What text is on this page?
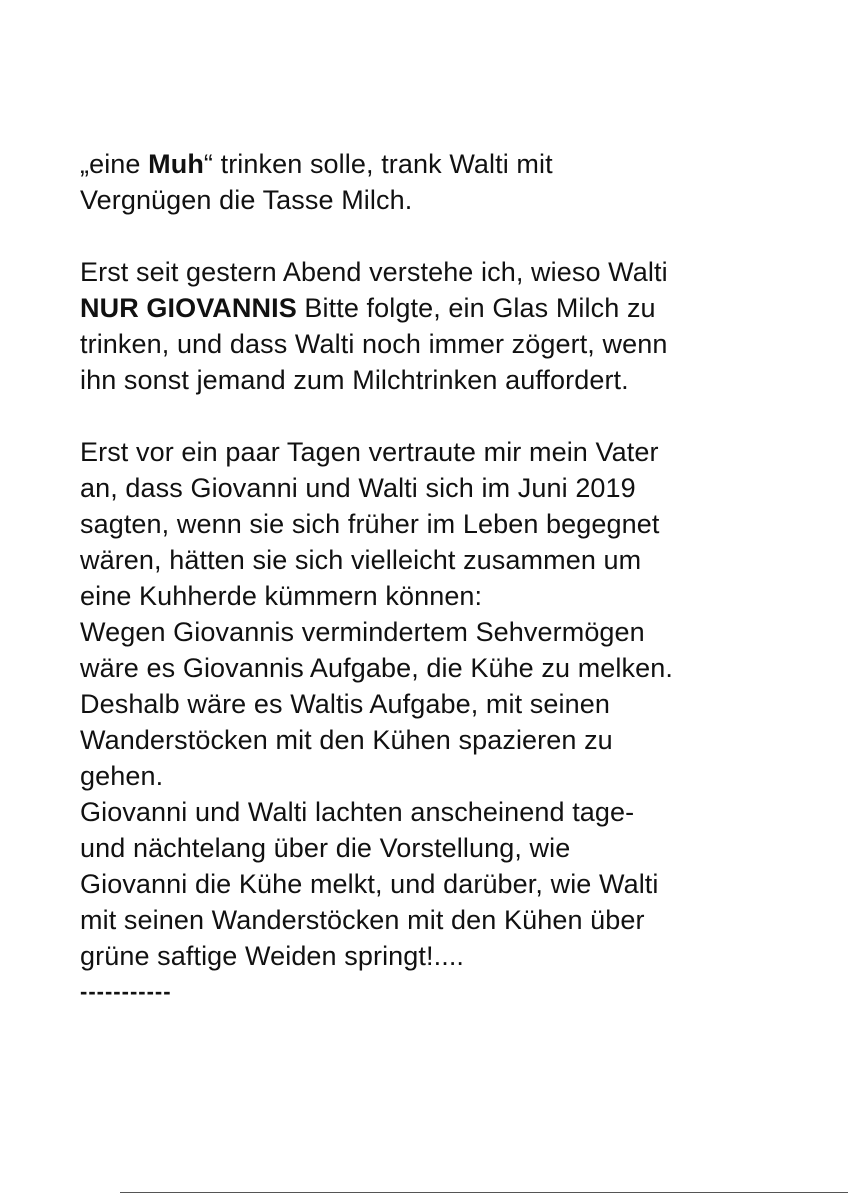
„eine Muh“ trinken solle, trank Walti mit
Vergnügen die Tasse Milch.

Erst seit gestern Abend verstehe ich, wieso Walti
NUR GIOVANNIS Bitte folgte, ein Glas Milch zu
trinken, und dass Walti noch immer zögert, wenn
ihn sonst jemand zum Milchtrinken auffordert.

Erst vor ein paar Tagen vertraute mir mein Vater
an, dass Giovanni und Walti sich im Juni 2019
sagten, wenn sie sich früher im Leben begegnet
wären, hätten sie sich vielleicht zusammen um
eine Kuhherde kümmern können:
Wegen Giovannis vermindertem Sehvermögen
wäre es Giovannis Aufgabe, die Kühe zu melken.
Deshalb wäre es Waltis Aufgabe, mit seinen
Wanderstöcken mit den Kühen spazieren zu
gehen.
Giovanni und Walti lachten anscheinend tage-
und nächtelang über die Vorstellung, wie
Giovanni die Kühe melkt, und darüber, wie Walti
mit seinen Wanderstöcken mit den Kühen über
grüne saftige Weiden springt!....
-----------
